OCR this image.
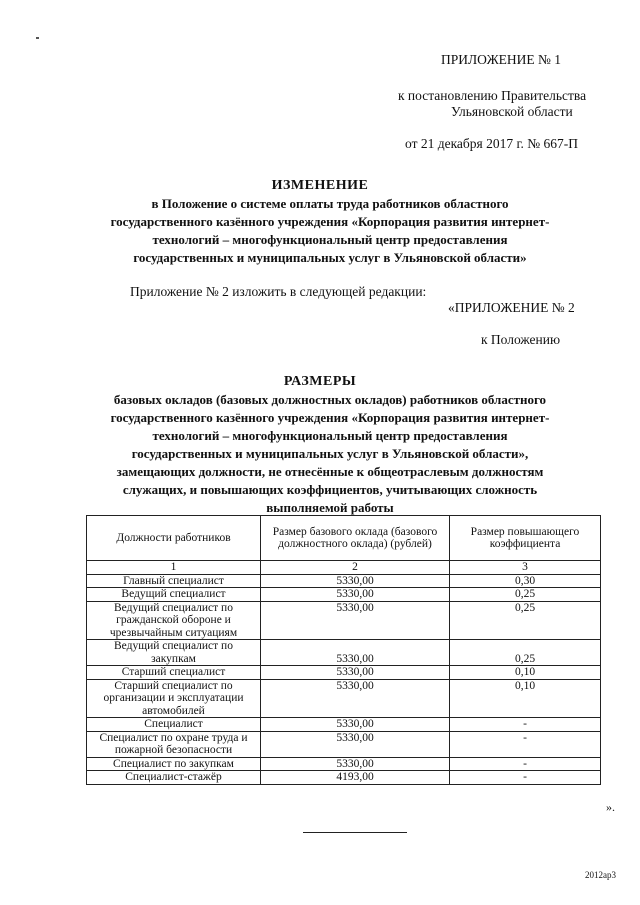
ПРИЛОЖЕНИЕ № 1
к постановлению Правительства
Ульяновской области
от 21 декабря 2017 г. № 667-П
ИЗМЕНЕНИЕ
в Положение о системе оплаты труда работников областного
государственного казённого учреждения «Корпорация развития интернет-
технологий – многофункциональный центр предоставления
государственных и муниципальных услуг в Ульяновской области»
Приложение № 2 изложить в следующей редакции:
«ПРИЛОЖЕНИЕ № 2
к Положению
РАЗМЕРЫ
базовых окладов (базовых должностных окладов) работников областного
государственного казённого учреждения «Корпорация развития интернет-
технологий – многофункциональный центр предоставления
государственных и муниципальных услуг в Ульяновской области»,
замещающих должности, не отнесённые к общеотраслевым должностям
служащих, и повышающих коэффициентов, учитывающих сложность
выполняемой работы
Должности работников	Размер базового оклада (базового должностного оклада) (рублей)	Размер повышающего коэффициента
1	2	3
Главный специалист	5330,00	0,30
Ведущий специалист	5330,00	0,25
Ведущий специалист по гражданской обороне и чрезвычайным ситуациям	5330,00	0,25
Ведущий специалист по закупкам	5330,00	0,25
Старший специалист	5330,00	0,10
Старший специалист по организации и эксплуатации автомобилей	5330,00	0,10
Специалист	5330,00	-
Специалист по охране труда и пожарной безопасности	5330,00	-
Специалист по закупкам	5330,00	-
Специалист-стажёр	4193,00	-
».
2012ар3
